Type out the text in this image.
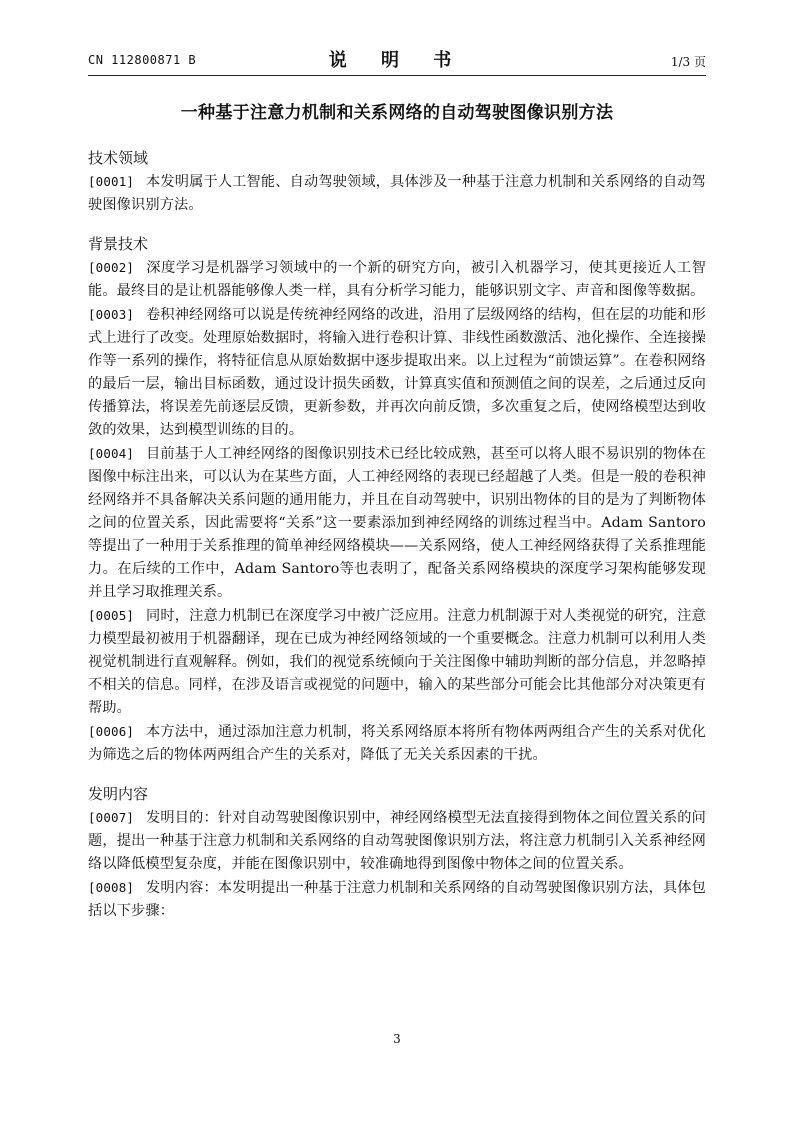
CN 112800871 B	说 明 书	1/3 页
一种基于注意力机制和关系网络的自动驾驶图像识别方法
技术领域
[0001] 本发明属于人工智能、自动驾驶领域，具体涉及一种基于注意力机制和关系网络的自动驾驶图像识别方法。
背景技术
[0002] 深度学习是机器学习领域中的一个新的研究方向，被引入机器学习，使其更接近人工智能。最终目的是让机器能够像人类一样，具有分析学习能力，能够识别文字、声音和图像等数据。
[0003] 卷积神经网络可以说是传统神经网络的改进，沿用了层级网络的结构，但在层的功能和形式上进行了改变。处理原始数据时，将输入进行卷积计算、非线性函数激活、池化操作、全连接操作等一系列的操作，将特征信息从原始数据中逐步提取出来。以上过程为“前馈运算”。在卷积网络的最后一层，输出目标函数，通过设计损失函数，计算真实值和预测值之间的误差，之后通过反向传播算法，将误差先前逐层反馈，更新参数，并再次向前反馈，多次重复之后，使网络模型达到收敛的效果，达到模型训练的目的。
[0004] 目前基于人工神经网络的图像识别技术已经比较成熟，甚至可以将人眼不易识别的物体在图像中标注出来，可以认为在某些方面，人工神经网络的表现已经超越了人类。但是一般的卷积神经网络并不具备解决关系问题的通用能力，并且在自动驾驶中，识别出物体的目的是为了判断物体之间的位置关系，因此需要将“关系”这一要素添加到神经网络的训练过程当中。Adam Santoro等提出了一种用于关系推理的简单神经网络模块——关系网络，使人工神经网络获得了关系推理能力。在后续的工作中，Adam Santoro等也表明了，配备关系网络模块的深度学习架构能够发现并且学习取推理关系。
[0005] 同时，注意力机制已在深度学习中被广泛应用。注意力机制源于对人类视觉的研究，注意力模型最初被用于机器翻译，现在已成为神经网络领域的一个重要概念。注意力机制可以利用人类视觉机制进行直观解释。例如，我们的视觉系统倾向于关注图像中辅助判断的部分信息，并忽略掉不相关的信息。同样，在涉及语言或视觉的问题中，输入的某些部分可能会比其他部分对决策更有帮助。
[0006] 本方法中，通过添加注意力机制，将关系网络原本将所有物体两两组合产生的关系对优化为筛选之后的物体两两组合产生的关系对，降低了无关关系因素的干扰。
发明内容
[0007] 发明目的：针对自动驾驶图像识别中，神经网络模型无法直接得到物体之间位置关系的问题，提出一种基于注意力机制和关系网络的自动驾驶图像识别方法，将注意力机制引入关系神经网络以降低模型复杂度，并能在图像识别中，较准确地得到图像中物体之间的位置关系。
[0008] 发明内容：本发明提出一种基于注意力机制和关系网络的自动驾驶图像识别方法，具体包括以下步骤：
3
